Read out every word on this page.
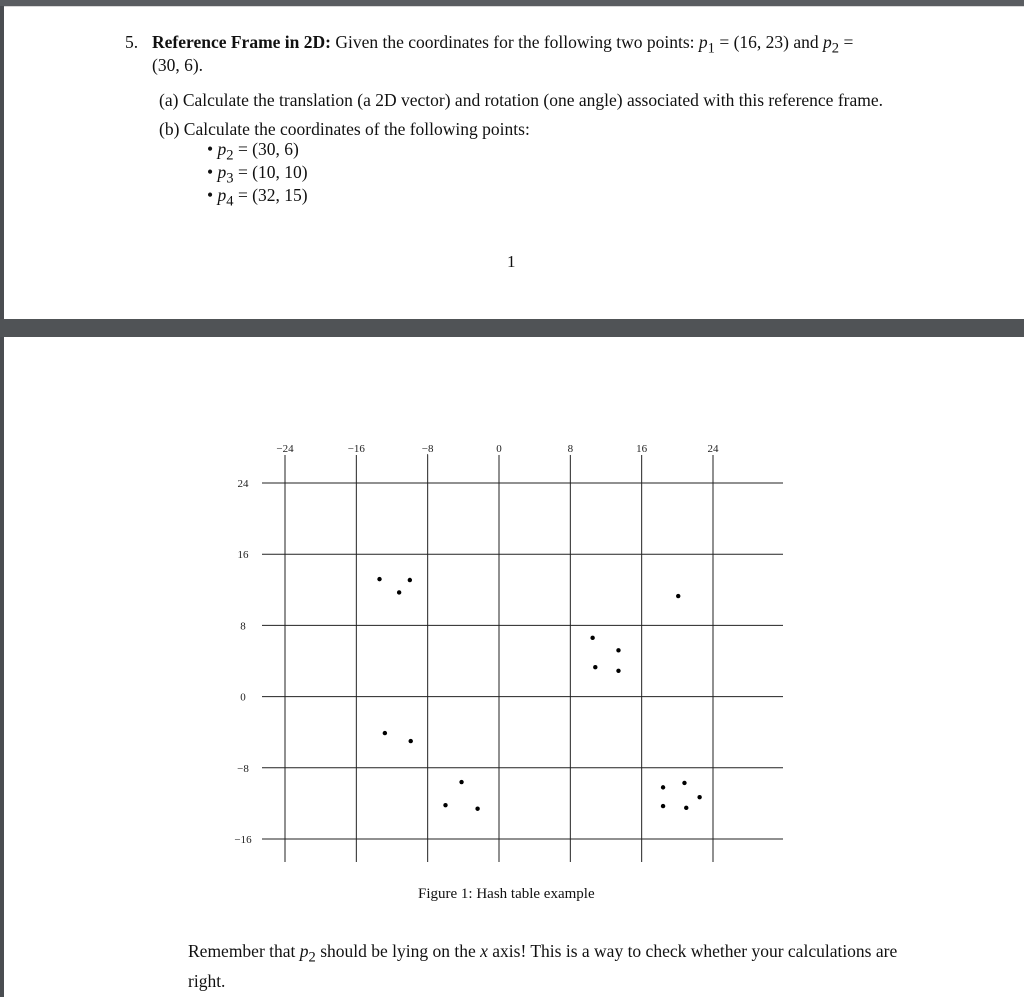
5. Reference Frame in 2D: Given the coordinates for the following two points: $p_1 = (16$, 23) and $p_2$ =
(30, 6).
(a) Calculate the translation (a 2D vector) and rotation (one angle) associated with this reference frame.
(b) Calculate the coordinates of the following points:
• $p_2 = (30$, 6)
• $p_3 = (10$, 10)
• $p_4 = (32$, 15)
1
−24	−16	−8	0	8	16	24
24
16
8
0
−8
−16
Figure 1: Hash table example
Remember that $p_2$ should be lying on the x axis! This is a way to check whether your calculations are right.
